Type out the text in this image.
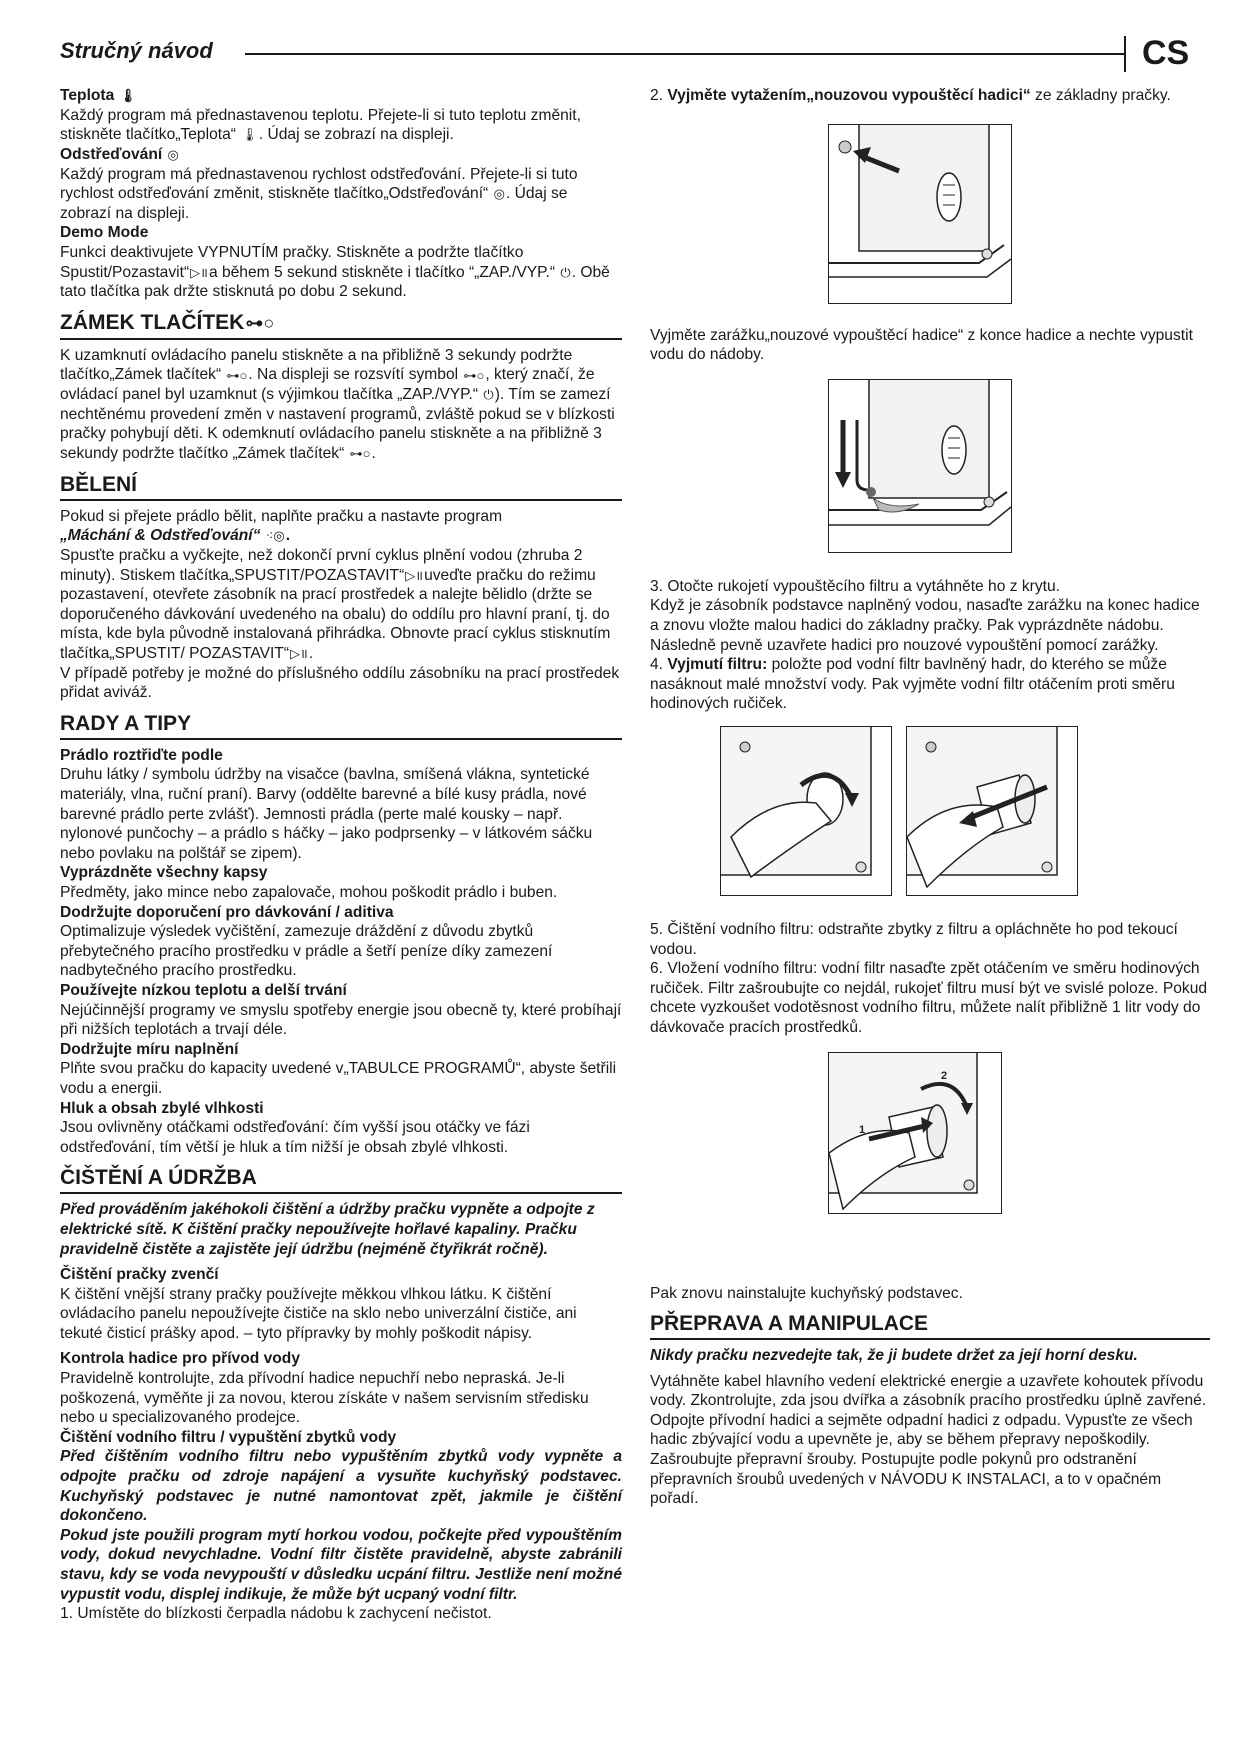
Stručný návod	CS

Teplota 🌡

Každý program má přednastavenou teplotu. Přejete-li si tuto teplotu změnit, stiskněte tlačítko„Teplota“ 🌡. Údaj se zobrazí na displeji.

Odstřeďování ◎

Každý program má přednastavenou rychlost odstřeďování. Přejete-li si tuto rychlost odstřeďování změnit, stiskněte tlačítko„Odstřeďování“ ◎. Údaj se zobrazí na displeji.

Demo Mode

Funkci deaktivujete VYPNUTÍM pračky. Stiskněte a podržte tlačítko Spustit/Pozastavit“▷॥a během 5 sekund stiskněte i tlačítko “„ZAP./VYP.“ ⏻. Obě tato tlačítka pak držte stisknutá po dobu 2 sekund.

ZÁMEK TLAČÍTEK⊶○

K uzamknutí ovládacího panelu stiskněte a na přibližně 3 sekundy podržte tlačítko„Zámek tlačítek“ ⊶○. Na displeji se rozsvítí symbol ⊶○, který značí, že ovládací panel byl uzamknut (s výjimkou tlačítka „ZAP./VYP.“ ⏻). Tím se zamezí nechtěnému provedení změn v nastavení programů, zvláště pokud se v blízkosti pračky pohybují děti. K odemknutí ovládacího panelu stiskněte a na přibližně 3 sekundy podržte tlačítko „Zámek tlačítek“ ⊶○.

BĚLENÍ

Pokud si přejete prádlo bělit, naplňte pračku a nastavte program
„Máchání & Odstřeďování“ ⁖◎.

Spusťte pračku a vyčkejte, než dokončí první cyklus plnění vodou (zhruba 2 minuty). Stiskem tlačítka„SPUSTIT/POZASTAVIT“▷॥uveďte pračku do režimu pozastavení, otevřete zásobník na prací prostředek a nalejte bělidlo (držte se doporučeného dávkování uvedeného na obalu) do oddílu pro hlavní praní, tj. do místa, kde byla původně instalovaná přihrádka. Obnovte prací cyklus stisknutím tlačítka„SPUSTIT/ POZASTAVIT“▷॥.

V případě potřeby je možné do příslušného oddílu zásobníku na prací prostředek přidat aviváž.

RADY A TIPY

Prádlo roztřiďte podle

Druhu látky / symbolu údržby na visačce (bavlna, smíšená vlákna, syntetické materiály, vlna, ruční praní). Barvy (oddělte barevné a bílé kusy prádla, nové barevné prádlo perte zvlášť). Jemnosti prádla (perte malé kousky – např. nylonové punčochy – a prádlo s háčky – jako podprsenky – v látkovém sáčku nebo povlaku na polštář se zipem).

Vyprázdněte všechny kapsy

Předměty, jako mince nebo zapalovače, mohou poškodit prádlo i buben.

Dodržujte doporučení pro dávkování / aditiva

Optimalizuje výsledek vyčištění, zamezuje dráždění z důvodu zbytků přebytečného pracího prostředku v prádle a šetří peníze díky zamezení nadbytečného pracího prostředku.

Používejte nízkou teplotu a delší trvání

Nejúčinnější programy ve smyslu spotřeby energie jsou obecně ty, které probíhají při nižších teplotách a trvají déle.

Dodržujte míru naplnění

Plňte svou pračku do kapacity uvedené v„TABULCE PROGRAMŮ“, abyste šetřili vodu a energii.

Hluk a obsah zbylé vlhkosti

Jsou ovlivněny otáčkami odstřeďování: čím vyšší jsou otáčky ve fázi odstřeďování, tím větší je hluk a tím nižší je obsah zbylé vlhkosti.

ČIŠTĚNÍ A ÚDRŽBA

Před prováděním jakéhokoli čištění a údržby pračku vypněte a odpojte z elektrické sítě. K čištění pračky nepoužívejte hořlavé kapaliny. Pračku pravidelně čistěte a zajistěte její údržbu (nejméně čtyřikrát ročně).

Čištění pračky zvenčí

K čištění vnější strany pračky používejte měkkou vlhkou látku. K čištění ovládacího panelu nepoužívejte čističe na sklo nebo univerzální čističe, ani tekuté čisticí prášky apod. – tyto přípravky by mohly poškodit nápisy.

Kontrola hadice pro přívod vody

Pravidelně kontrolujte, zda přívodní hadice nepuchří nebo nepraská. Je-li poškozená, vyměňte ji za novou, kterou získáte v našem servisním středisku nebo u specializovaného prodejce.

Čištění vodního filtru / vypuštění zbytků vody

Před čištěním vodního filtru nebo vypuštěním zbytků vody vypněte a odpojte pračku od zdroje napájení a vysuňte kuchyňský podstavec. Kuchyňský podstavec je nutné namontovat zpět, jakmile je čištění dokončeno.

Pokud jste použili program mytí horkou vodou, počkejte před vypouštěním vody, dokud nevychladne. Vodní filtr čistěte pravidelně, abyste zabránili stavu, kdy se voda nevypouští v důsledku ucpání filtru. Jestliže není možné vypustit vodu, displej indikuje, že může být ucpaný vodní filtr.

1. Umístěte do blízkosti čerpadla nádobu k zachycení nečistot.

2. Vyjměte vytažením„nouzovou vypouštěcí hadici“ ze základny pračky.

Vyjměte zarážku„nouzové vypouštěcí hadice“ z konce hadice a nechte vypustit vodu do nádoby.

3. Otočte rukojetí vypouštěcího filtru a vytáhněte ho z krytu.

Když je zásobník podstavce naplněný vodou, nasaďte zarážku na konec hadice a znovu vložte malou hadici do základny pračky. Pak vyprázdněte nádobu.

Následně pevně uzavřete hadici pro nouzové vypouštění pomocí zarážky.

4. Vyjmutí filtru: položte pod vodní filtr bavlněný hadr, do kterého se může nasáknout malé množství vody. Pak vyjměte vodní filtr otáčením proti směru hodinových ručiček.

5. Čištění vodního filtru: odstraňte zbytky z filtru a opláchněte ho pod tekoucí vodou.

6. Vložení vodního filtru: vodní filtr nasaďte zpět otáčením ve směru hodinových ručiček. Filtr zašroubujte co nejdál, rukojeť filtru musí být ve svislé poloze. Pokud chcete vyzkoušet vodotěsnost vodního filtru, můžete nalít přibližně 1 litr vody do dávkovače pracích prostředků.

1
2

Pak znovu nainstalujte kuchyňský podstavec.

PŘEPRAVA A MANIPULACE

Nikdy pračku nezvedejte tak, že ji budete držet za její horní desku.

Vytáhněte kabel hlavního vedení elektrické energie a uzavřete kohoutek přívodu vody. Zkontrolujte, zda jsou dvířka a zásobník pracího prostředku úplně zavřené. Odpojte přívodní hadici a sejměte odpadní hadici z odpadu. Vypusťte ze všech hadic zbývající vodu a upevněte je, aby se během přepravy nepoškodily. Zašroubujte přepravní šrouby. Postupujte podle pokynů pro odstranění přepravních šroubů uvedených v NÁVODU K INSTALACI, a to v opačném pořadí.
